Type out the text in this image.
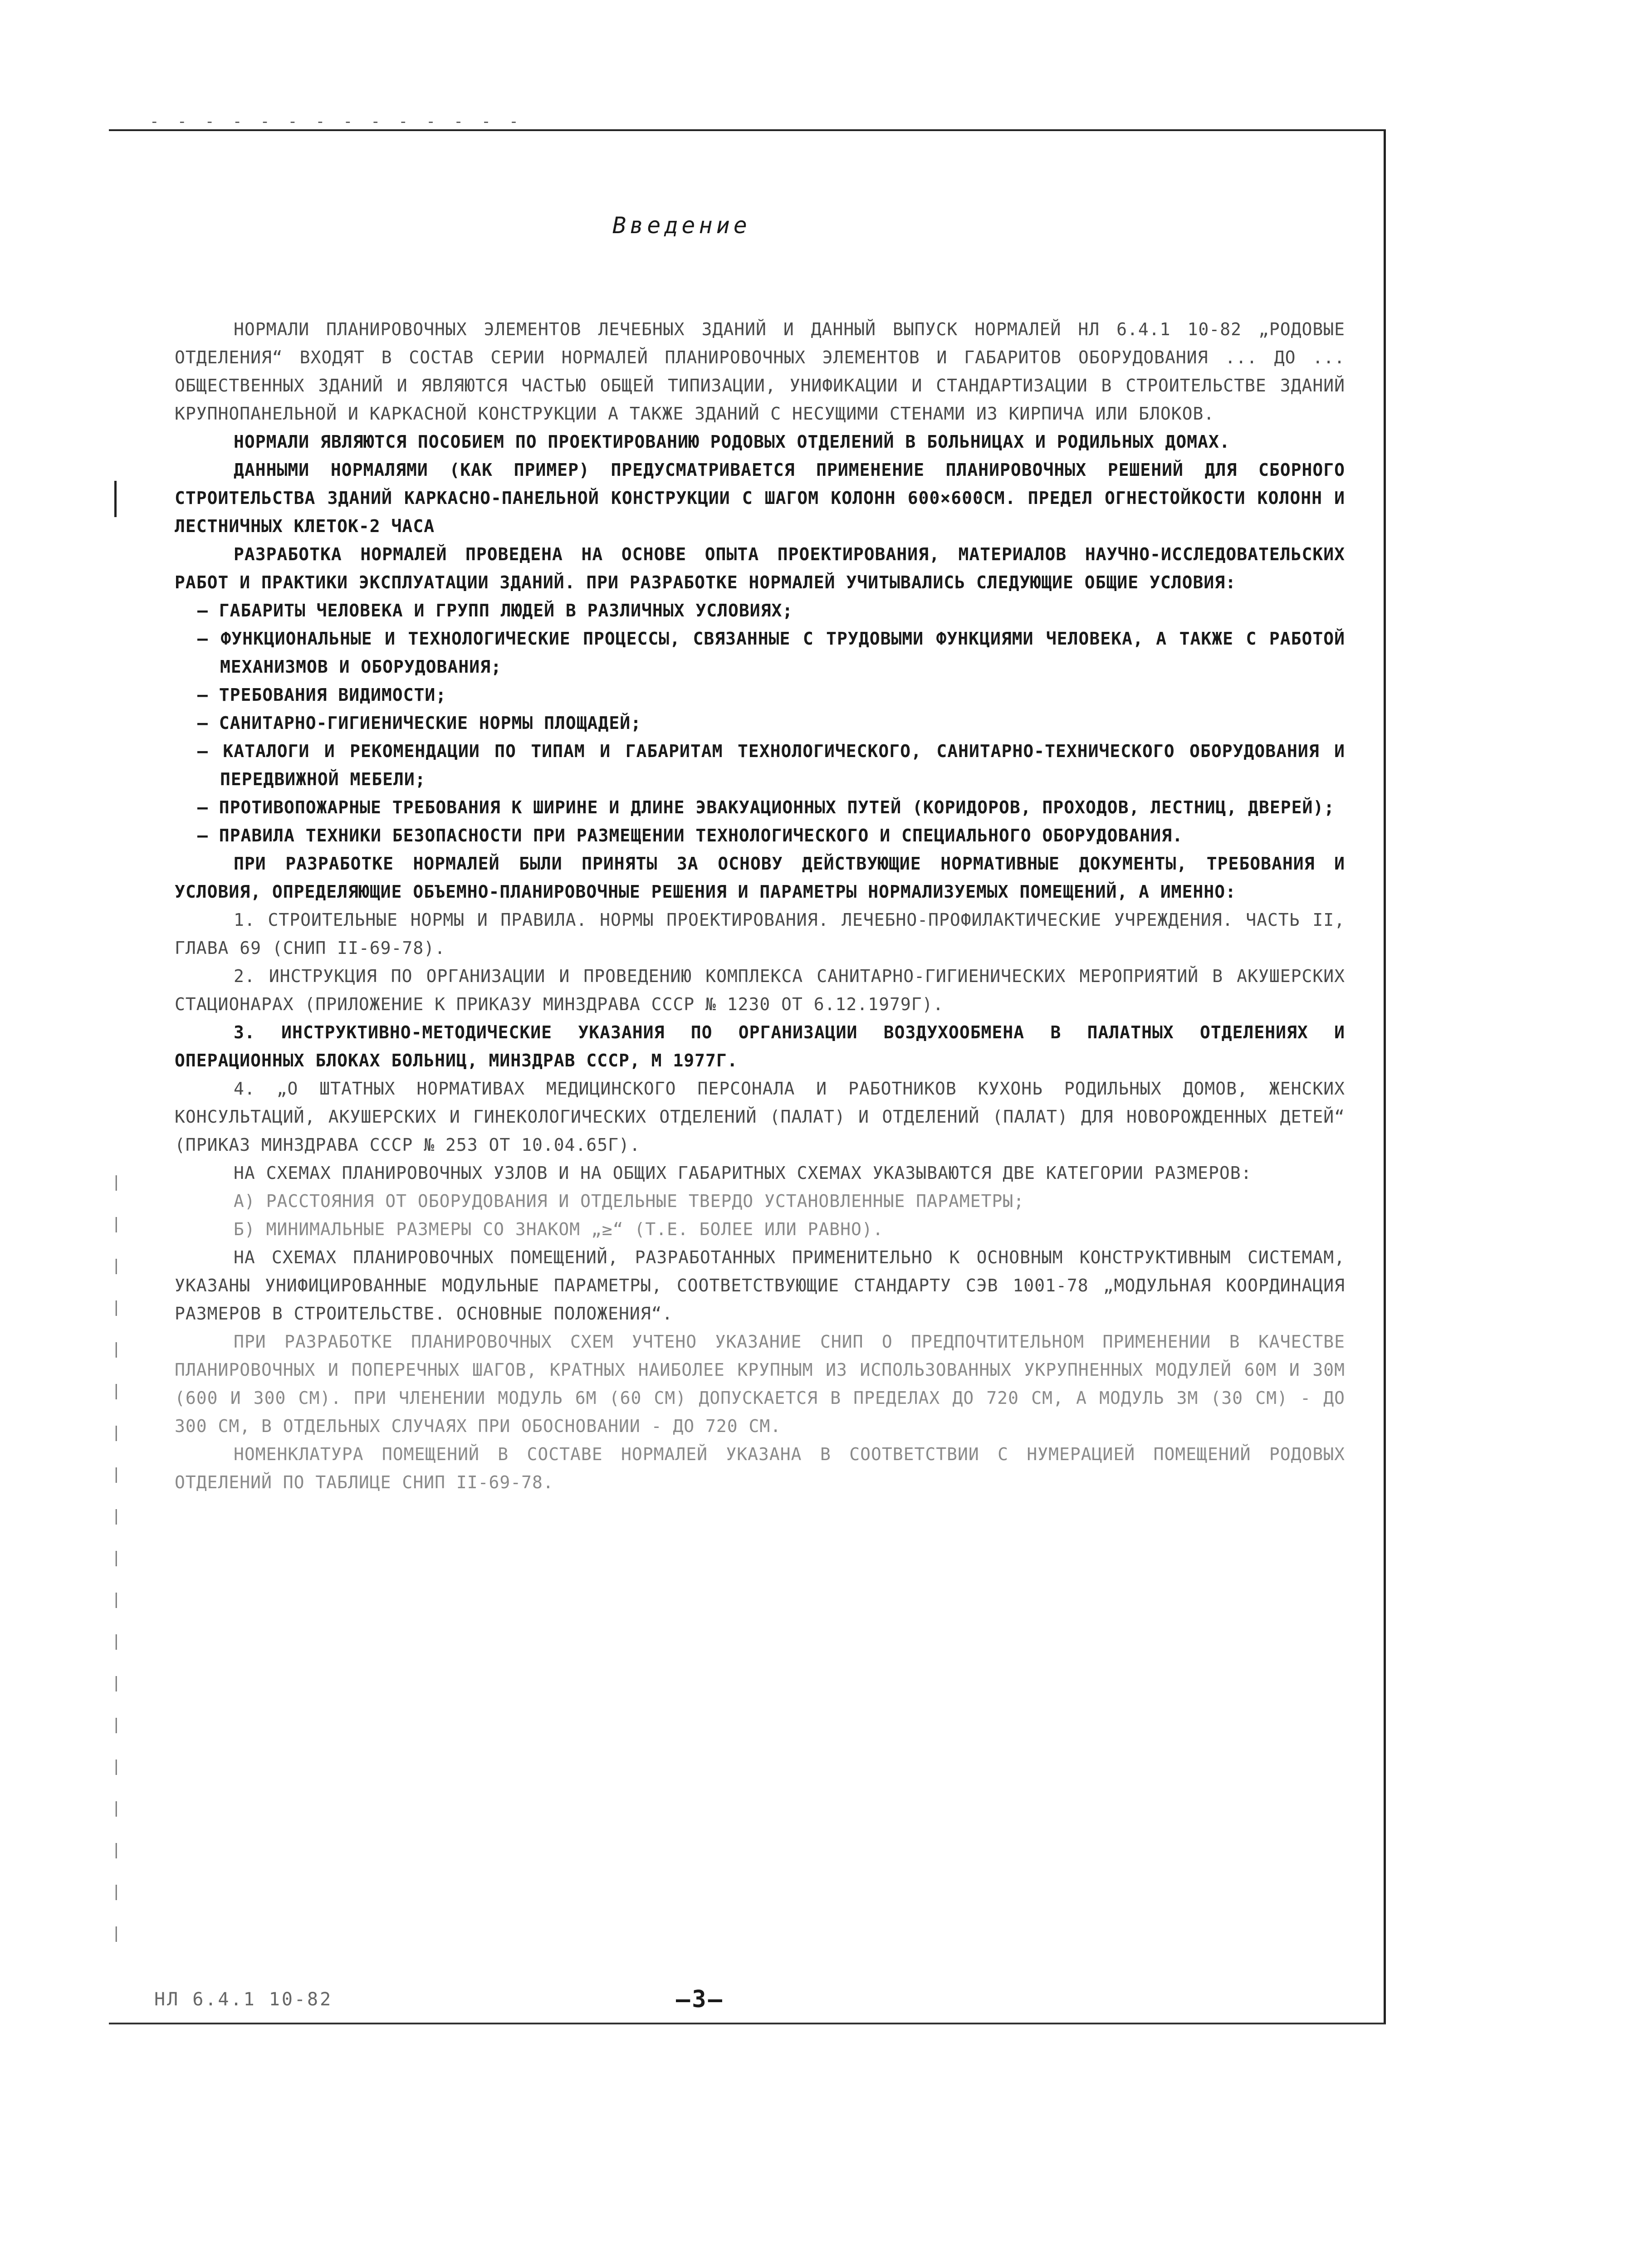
- - - - - - - - - - - - - -
|
|
|
|
|
|
|
|
|
|
|
|
|
|
|
|
|
|
|
Введение

НОРМАЛИ ПЛАНИРОВОЧНЫХ ЭЛЕМЕНТОВ ЛЕЧЕБНЫХ ЗДАНИЙ И ДАННЫЙ ВЫПУСК НОРМАЛЕЙ НЛ 6.4.1 10-82 „РОДОВЫЕ ОТДЕЛЕНИЯ“ ВХОДЯТ В СОСТАВ СЕРИИ НОРМАЛЕЙ ПЛАНИРОВОЧНЫХ ЭЛЕМЕНТОВ И ГАБАРИТОВ ОБОРУДОВАНИЯ ... ДО ... ОБЩЕСТВЕННЫХ ЗДАНИЙ И ЯВЛЯЮТСЯ ЧАСТЬЮ ОБЩЕЙ ТИПИЗАЦИИ, УНИФИКАЦИИ И СТАНДАРТИЗАЦИИ В СТРОИТЕЛЬСТВЕ ЗДАНИЙ КРУПНОПАНЕЛЬНОЙ И КАРКАСНОЙ КОНСТРУКЦИИ А ТАКЖЕ ЗДАНИЙ С НЕСУЩИМИ СТЕНАМИ ИЗ КИРПИЧА ИЛИ БЛОКОВ.

НОРМАЛИ ЯВЛЯЮТСЯ ПОСОБИЕМ ПО ПРОЕКТИРОВАНИЮ РОДОВЫХ ОТДЕЛЕНИЙ В БОЛЬНИЦАХ И РОДИЛЬНЫХ ДОМАХ.

ДАННЫМИ НОРМАЛЯМИ (КАК ПРИМЕР) ПРЕДУСМАТРИВАЕТСЯ ПРИМЕНЕНИЕ ПЛАНИРОВОЧНЫХ РЕШЕНИЙ ДЛЯ СБОРНОГО СТРОИТЕЛЬСТВА ЗДАНИЙ КАРКАСНО-ПАНЕЛЬНОЙ КОНСТРУКЦИИ С ШАГОМ КОЛОНН 600×600СМ. ПРЕДЕЛ ОГНЕСТОЙКОСТИ КОЛОНН И ЛЕСТНИЧНЫХ КЛЕТОК-2 ЧАСА

РАЗРАБОТКА НОРМАЛЕЙ ПРОВЕДЕНА НА ОСНОВЕ ОПЫТА ПРОЕКТИРОВАНИЯ, МАТЕРИАЛОВ НАУЧНО-ИССЛЕДОВАТЕЛЬСКИХ РАБОТ И ПРАКТИКИ ЭКСПЛУАТАЦИИ ЗДАНИЙ. ПРИ РАЗРАБОТКЕ НОРМАЛЕЙ УЧИТЫВАЛИСЬ СЛЕДУЮЩИЕ ОБЩИЕ УСЛОВИЯ:

– ГАБАРИТЫ ЧЕЛОВЕКА И ГРУПП ЛЮДЕЙ В РАЗЛИЧНЫХ УСЛОВИЯХ;

– ФУНКЦИОНАЛЬНЫЕ И ТЕХНОЛОГИЧЕСКИЕ ПРОЦЕССЫ, СВЯЗАННЫЕ С ТРУДОВЫМИ ФУНКЦИЯМИ ЧЕЛОВЕКА, А ТАКЖЕ С РАБОТОЙ МЕХАНИЗМОВ И ОБОРУДОВАНИЯ;

– ТРЕБОВАНИЯ ВИДИМОСТИ;

– САНИТАРНО-ГИГИЕНИЧЕСКИЕ НОРМЫ ПЛОЩАДЕЙ;

– КАТАЛОГИ И РЕКОМЕНДАЦИИ ПО ТИПАМ И ГАБАРИТАМ ТЕХНОЛОГИЧЕСКОГО, САНИТАРНО-ТЕХНИЧЕСКОГО ОБОРУДОВАНИЯ И ПЕРЕДВИЖНОЙ МЕБЕЛИ;

– ПРОТИВОПОЖАРНЫЕ ТРЕБОВАНИЯ К ШИРИНЕ И ДЛИНЕ ЭВАКУАЦИОННЫХ ПУТЕЙ (КОРИДОРОВ, ПРОХОДОВ, ЛЕСТНИЦ, ДВЕРЕЙ);

– ПРАВИЛА ТЕХНИКИ БЕЗОПАСНОСТИ ПРИ РАЗМЕЩЕНИИ ТЕХНОЛОГИЧЕСКОГО И СПЕЦИАЛЬНОГО ОБОРУДОВАНИЯ.

ПРИ РАЗРАБОТКЕ НОРМАЛЕЙ БЫЛИ ПРИНЯТЫ ЗА ОСНОВУ ДЕЙСТВУЮЩИЕ НОРМАТИВНЫЕ ДОКУМЕНТЫ, ТРЕБОВАНИЯ И УСЛОВИЯ, ОПРЕДЕЛЯЮЩИЕ ОБЪЕМНО-ПЛАНИРОВОЧНЫЕ РЕШЕНИЯ И ПАРАМЕТРЫ НОРМАЛИЗУЕМЫХ ПОМЕЩЕНИЙ, А ИМЕННО:

1. СТРОИТЕЛЬНЫЕ НОРМЫ И ПРАВИЛА. НОРМЫ ПРОЕКТИРОВАНИЯ. ЛЕЧЕБНО-ПРОФИЛАКТИЧЕСКИЕ УЧРЕЖДЕНИЯ. ЧАСТЬ II, ГЛАВА 69 (СНИП II-69-78).

2. ИНСТРУКЦИЯ ПО ОРГАНИЗАЦИИ И ПРОВЕДЕНИЮ КОМПЛЕКСА САНИТАРНО-ГИГИЕНИЧЕСКИХ МЕРОПРИЯТИЙ В АКУШЕРСКИХ СТАЦИОНАРАХ (ПРИЛОЖЕНИЕ К ПРИКАЗУ МИНЗДРАВА СССР № 1230 ОТ 6.12.1979Г).

3. ИНСТРУКТИВНО-МЕТОДИЧЕСКИЕ УКАЗАНИЯ ПО ОРГАНИЗАЦИИ ВОЗДУХООБМЕНА В ПАЛАТНЫХ ОТДЕЛЕНИЯХ И ОПЕРАЦИОННЫХ БЛОКАХ БОЛЬНИЦ, МИНЗДРАВ СССР, М 1977Г.

4. „О ШТАТНЫХ НОРМАТИВАХ МЕДИЦИНСКОГО ПЕРСОНАЛА И РАБОТНИКОВ КУХОНЬ РОДИЛЬНЫХ ДОМОВ, ЖЕНСКИХ КОНСУЛЬТАЦИЙ, АКУШЕРСКИХ И ГИНЕКОЛОГИЧЕСКИХ ОТДЕЛЕНИЙ (ПАЛАТ) И ОТДЕЛЕНИЙ (ПАЛАТ) ДЛЯ НОВОРОЖДЕННЫХ ДЕТЕЙ“ (ПРИКАЗ МИНЗДРАВА СССР № 253 ОТ 10.04.65Г).

НА СХЕМАХ ПЛАНИРОВОЧНЫХ УЗЛОВ И НА ОБЩИХ ГАБАРИТНЫХ СХЕМАХ УКАЗЫВАЮТСЯ ДВЕ КАТЕГОРИИ РАЗМЕРОВ:

А) РАССТОЯНИЯ ОТ ОБОРУДОВАНИЯ И ОТДЕЛЬНЫЕ ТВЕРДО УСТАНОВЛЕННЫЕ ПАРАМЕТРЫ;

Б) МИНИМАЛЬНЫЕ РАЗМЕРЫ СО ЗНАКОМ „≥“ (Т.Е. БОЛЕЕ ИЛИ РАВНО).

НА СХЕМАХ ПЛАНИРОВОЧНЫХ ПОМЕЩЕНИЙ, РАЗРАБОТАННЫХ ПРИМЕНИТЕЛЬНО К ОСНОВНЫМ КОНСТРУКТИВНЫМ СИСТЕМАМ, УКАЗАНЫ УНИФИЦИРОВАННЫЕ МОДУЛЬНЫЕ ПАРАМЕТРЫ, СООТВЕТСТВУЮЩИЕ СТАНДАРТУ СЭВ 1001-78 „МОДУЛЬНАЯ КООРДИНАЦИЯ РАЗМЕРОВ В СТРОИТЕЛЬСТВЕ. ОСНОВНЫЕ ПОЛОЖЕНИЯ“.

ПРИ РАЗРАБОТКЕ ПЛАНИРОВОЧНЫХ СХЕМ УЧТЕНО УКАЗАНИЕ СНИП О ПРЕДПОЧТИТЕЛЬНОМ ПРИМЕНЕНИИ В КАЧЕСТВЕ ПЛАНИРОВОЧНЫХ И ПОПЕРЕЧНЫХ ШАГОВ, КРАТНЫХ НАИБОЛЕЕ КРУПНЫМ ИЗ ИСПОЛЬЗОВАННЫХ УКРУПНЕННЫХ МОДУЛЕЙ 60М И 30М (600 И 300 СМ). ПРИ ЧЛЕНЕНИИ МОДУЛЬ 6М (60 СМ) ДОПУСКАЕТСЯ В ПРЕДЕЛАХ ДО 720 СМ, А МОДУЛЬ 3М (30 СМ) - ДО 300 СМ, В ОТДЕЛЬНЫХ СЛУЧАЯХ ПРИ ОБОСНОВАНИИ - ДО 720 СМ.

НОМЕНКЛАТУРА ПОМЕЩЕНИЙ В СОСТАВЕ НОРМАЛЕЙ УКАЗАНА В СООТВЕТСТВИИ С НУМЕРАЦИЕЙ ПОМЕЩЕНИЙ РОДОВЫХ ОТДЕЛЕНИЙ ПО ТАБЛИЦЕ СНИП II-69-78.

НЛ 6.4.1 10-82	–3–
